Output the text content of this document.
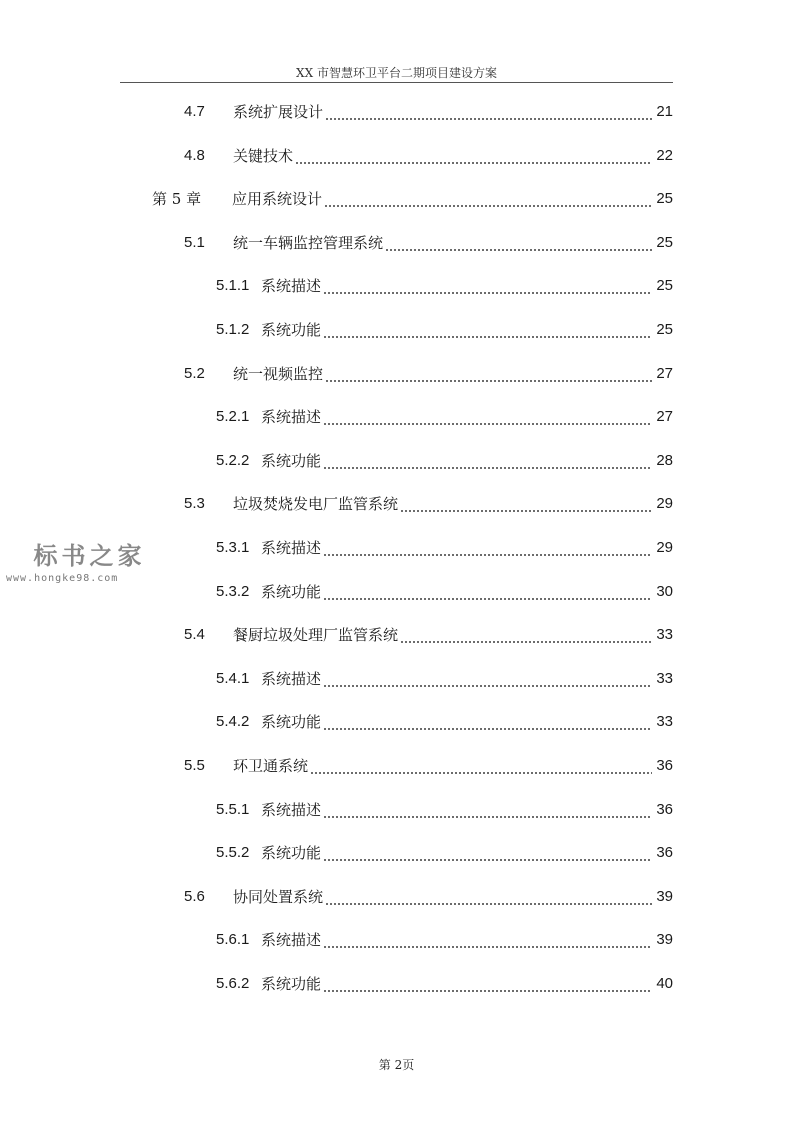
XX 市智慧环卫平台二期项目建设方案
4.7	系统扩展设计	21
4.8	关键技术	22
第 5 章	应用系统设计	25
5.1	统一车辆监控管理系统	25
5.1.1 系统描述	25
5.1.2 系统功能	25
5.2	统一视频监控	27
5.2.1 系统描述	27
5.2.2 系统功能	28
5.3	垃圾焚烧发电厂监管系统	29
5.3.1 系统描述	29
5.3.2 系统功能	30
5.4	餐厨垃圾处理厂监管系统	33
5.4.1 系统描述	33
5.4.2 系统功能	33
5.5	环卫通系统	36
5.5.1 系统描述	36
5.5.2 系统功能	36
5.6	协同处置系统	39
5.6.1 系统描述	39
5.6.2 系统功能	40
标书之家
www.hongke98.com
第 2页
